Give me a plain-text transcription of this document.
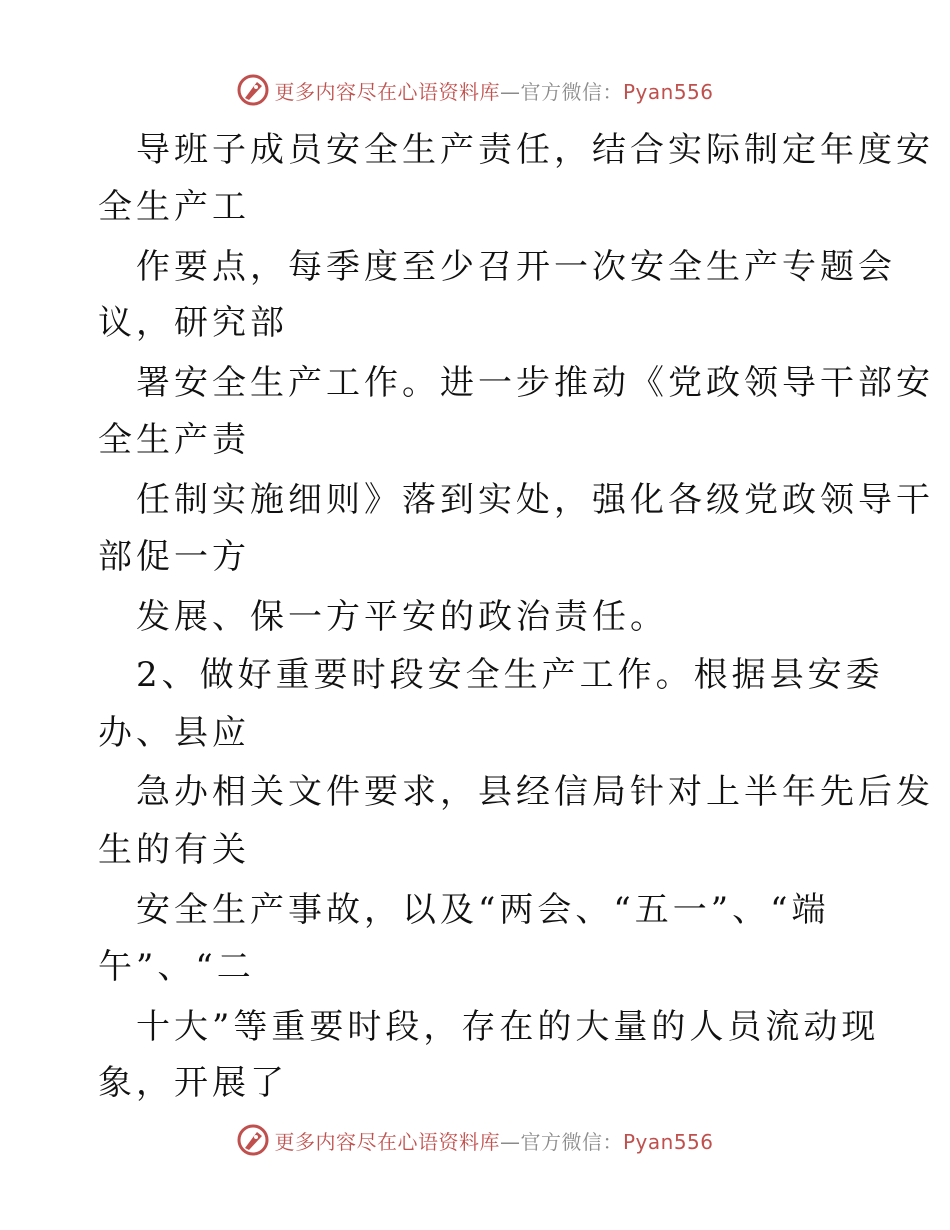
更多内容尽在心语资料库—官方微信：Pyan556
导班子成员安全生产责任，结合实际制定年度安
全生产工
作要点，每季度至少召开一次安全生产专题会
议，研究部
署安全生产工作。进一步推动《党政领导干部安
全生产责
任制实施细则》落到实处，强化各级党政领导干
部促一方
发展、保一方平安的政治责任。
2、做好重要时段安全生产工作。根据县安委
办、县应
急办相关文件要求，县经信局针对上半年先后发
生的有关
安全生产事故，以及“两会、“五一”、“端
午”、“二
十大”等重要时段，存在的大量的人员流动现
象，开展了
更多内容尽在心语资料库—官方微信：Pyan556
